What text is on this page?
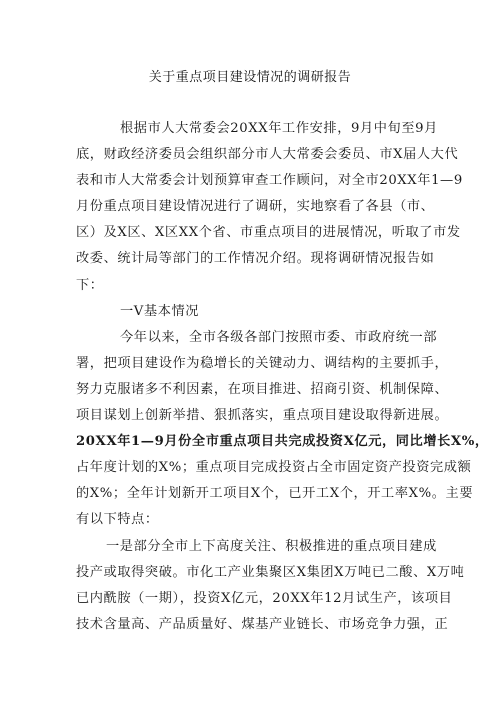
关于重点项目建设情况的调研报告
根据市人大常委会20XX年工作安排，9月中旬至9月
底，财政经济委员会组织部分市人大常委会委员、市X届人大代
表和市人大常委会计划预算审查工作顾问，对全市20XX年1—9
月份重点项目建设情况进行了调研，实地察看了各县（市、
区）及X区、X区XX个省、市重点项目的进展情况，听取了市发
改委、统计局等部门的工作情况介绍。现将调研情况报告如
下：
一V基本情况
今年以来，全市各级各部门按照市委、市政府统一部
署，把项目建设作为稳增长的关键动力、调结构的主要抓手，
努力克服诸多不利因素，在项目推进、招商引资、机制保障、
项目谋划上创新举措、狠抓落实，重点项目建设取得新进展。
20XX年1—9月份全市重点项目共完成投资X亿元，同比增长X%，
占年度计划的X%；重点项目完成投资占全市固定资产投资完成额
的X%；全年计划新开工项目X个，已开工X个，开工率X%。主要
有以下特点：
一是部分全市上下高度关注、积极推进的重点项目建成
投产或取得突破。市化工产业集聚区X集团X万吨已二酸、X万吨
已内酰胺（一期），投资X亿元，20XX年12月试生产，该项目
技术含量高、产品质量好、煤基产业链长、市场竞争力强，正
